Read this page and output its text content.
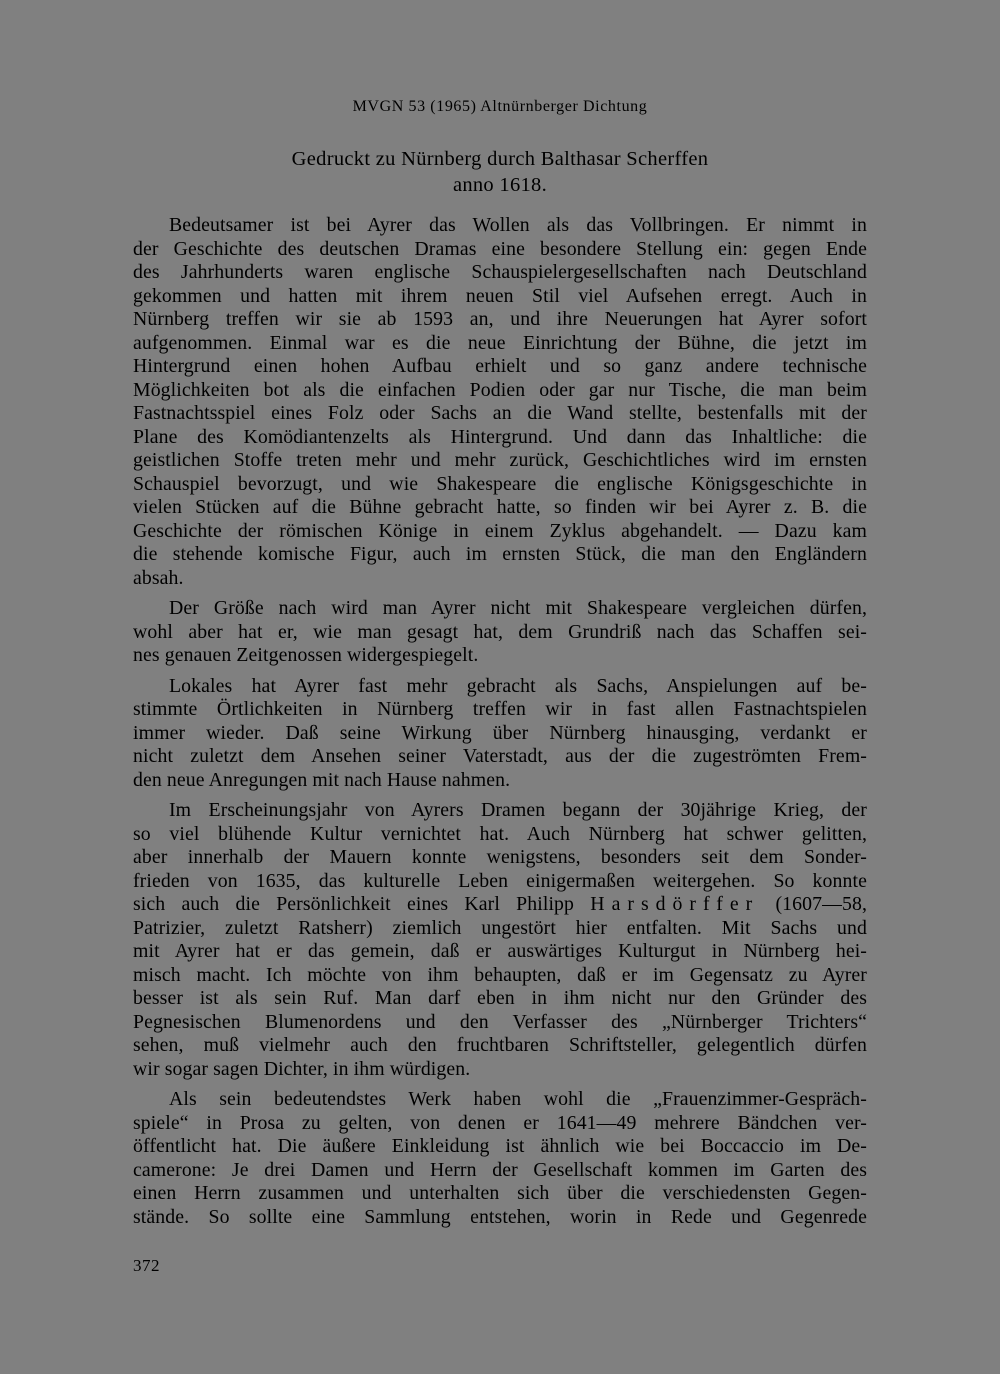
MVGN 53 (1965) Altnürnberger Dichtung
Gedruckt zu Nürnberg durch Balthasar Scherffen
anno 1618.
Bedeutsamer ist bei Ayrer das Wollen als das Vollbringen. Er nimmt in
der Geschichte des deutschen Dramas eine besondere Stellung ein: gegen Ende
des Jahrhunderts waren englische Schauspielergesellschaften nach Deutschland
gekommen und hatten mit ihrem neuen Stil viel Aufsehen erregt. Auch in
Nürnberg treffen wir sie ab 1593 an, und ihre Neuerungen hat Ayrer sofort
aufgenommen. Einmal war es die neue Einrichtung der Bühne, die jetzt im
Hintergrund einen hohen Aufbau erhielt und so ganz andere technische
Möglichkeiten bot als die einfachen Podien oder gar nur Tische, die man beim
Fastnachtsspiel eines Folz oder Sachs an die Wand stellte, bestenfalls mit der
Plane des Komödiantenzelts als Hintergrund. Und dann das Inhaltliche: die
geistlichen Stoffe treten mehr und mehr zurück, Geschichtliches wird im ernsten
Schauspiel bevorzugt, und wie Shakespeare die englische Königsgeschichte in
vielen Stücken auf die Bühne gebracht hatte, so finden wir bei Ayrer z. B. die
Geschichte der römischen Könige in einem Zyklus abgehandelt. — Dazu kam
die stehende komische Figur, auch im ernsten Stück, die man den Engländern
absah.
Der Größe nach wird man Ayrer nicht mit Shakespeare vergleichen dürfen,
wohl aber hat er, wie man gesagt hat, dem Grundriß nach das Schaffen sei-
nes genauen Zeitgenossen widergespiegelt.
Lokales hat Ayrer fast mehr gebracht als Sachs, Anspielungen auf be-
stimmte Örtlichkeiten in Nürnberg treffen wir in fast allen Fastnachtspielen
immer wieder. Daß seine Wirkung über Nürnberg hinausging, verdankt er
nicht zuletzt dem Ansehen seiner Vaterstadt, aus der die zugeströmten Frem-
den neue Anregungen mit nach Hause nahmen.
Im Erscheinungsjahr von Ayrers Dramen begann der 30jährige Krieg, der
so viel blühende Kultur vernichtet hat. Auch Nürnberg hat schwer gelitten,
aber innerhalb der Mauern konnte wenigstens, besonders seit dem Sonder-
frieden von 1635, das kulturelle Leben einigermaßen weitergehen. So konnte
sich auch die Persönlichkeit eines Karl Philipp Harsdörffer (1607—58,
Patrizier, zuletzt Ratsherr) ziemlich ungestört hier entfalten. Mit Sachs und
mit Ayrer hat er das gemein, daß er auswärtiges Kulturgut in Nürnberg hei-
misch macht. Ich möchte von ihm behaupten, daß er im Gegensatz zu Ayrer
besser ist als sein Ruf. Man darf eben in ihm nicht nur den Gründer des
Pegnesischen Blumenordens und den Verfasser des „Nürnberger Trichters“
sehen, muß vielmehr auch den fruchtbaren Schriftsteller, gelegentlich dürfen
wir sogar sagen Dichter, in ihm würdigen.
Als sein bedeutendstes Werk haben wohl die „Frauenzimmer-Gespräch-
spiele“ in Prosa zu gelten, von denen er 1641—49 mehrere Bändchen ver-
öffentlicht hat. Die äußere Einkleidung ist ähnlich wie bei Boccaccio im De-
camerone: Je drei Damen und Herrn der Gesellschaft kommen im Garten des
einen Herrn zusammen und unterhalten sich über die verschiedensten Gegen-
stände. So sollte eine Sammlung entstehen, worin in Rede und Gegenrede
372
